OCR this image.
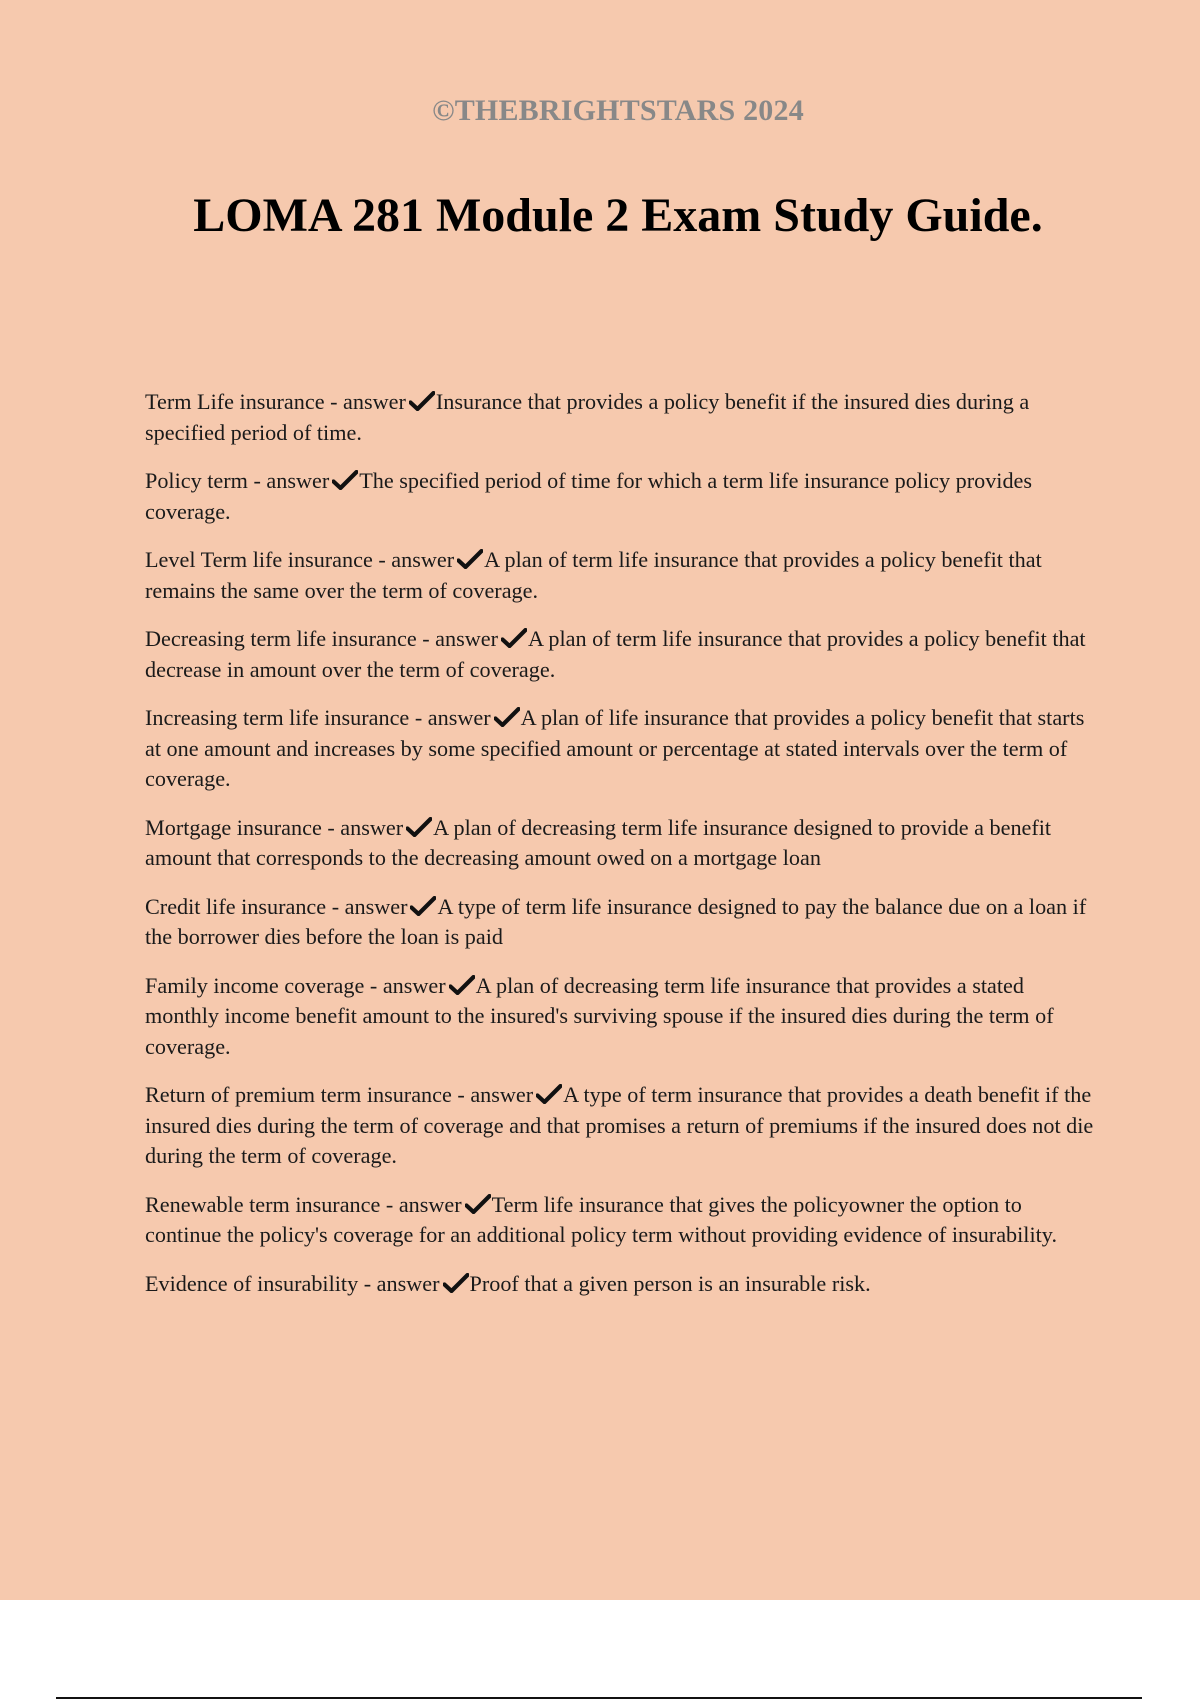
©THEBRIGHTSTARS 2024
LOMA 281 Module 2 Exam Study Guide.
Term Life insurance - answer Insurance that provides a policy benefit if the insured dies during a specified period of time.
Policy term - answer The specified period of time for which a term life insurance policy provides coverage.
Level Term life insurance - answer A plan of term life insurance that provides a policy benefit that remains the same over the term of coverage.
Decreasing term life insurance - answer A plan of term life insurance that provides a policy benefit that decrease in amount over the term of coverage.
Increasing term life insurance - answer A plan of life insurance that provides a policy benefit that starts at one amount and increases by some specified amount or percentage at stated intervals over the term of coverage.
Mortgage insurance - answer A plan of decreasing term life insurance designed to provide a benefit amount that corresponds to the decreasing amount owed on a mortgage loan
Credit life insurance - answer A type of term life insurance designed to pay the balance due on a loan if the borrower dies before the loan is paid
Family income coverage - answer A plan of decreasing term life insurance that provides a stated monthly income benefit amount to the insured's surviving spouse if the insured dies during the term of coverage.
Return of premium term insurance - answer A type of term insurance that provides a death benefit if the insured dies during the term of coverage and that promises a return of premiums if the insured does not die during the term of coverage.
Renewable term insurance - answer Term life insurance that gives the policyowner the option to continue the policy's coverage for an additional policy term without providing evidence of insurability.
Evidence of insurability - answer Proof that a given person is an insurable risk.
